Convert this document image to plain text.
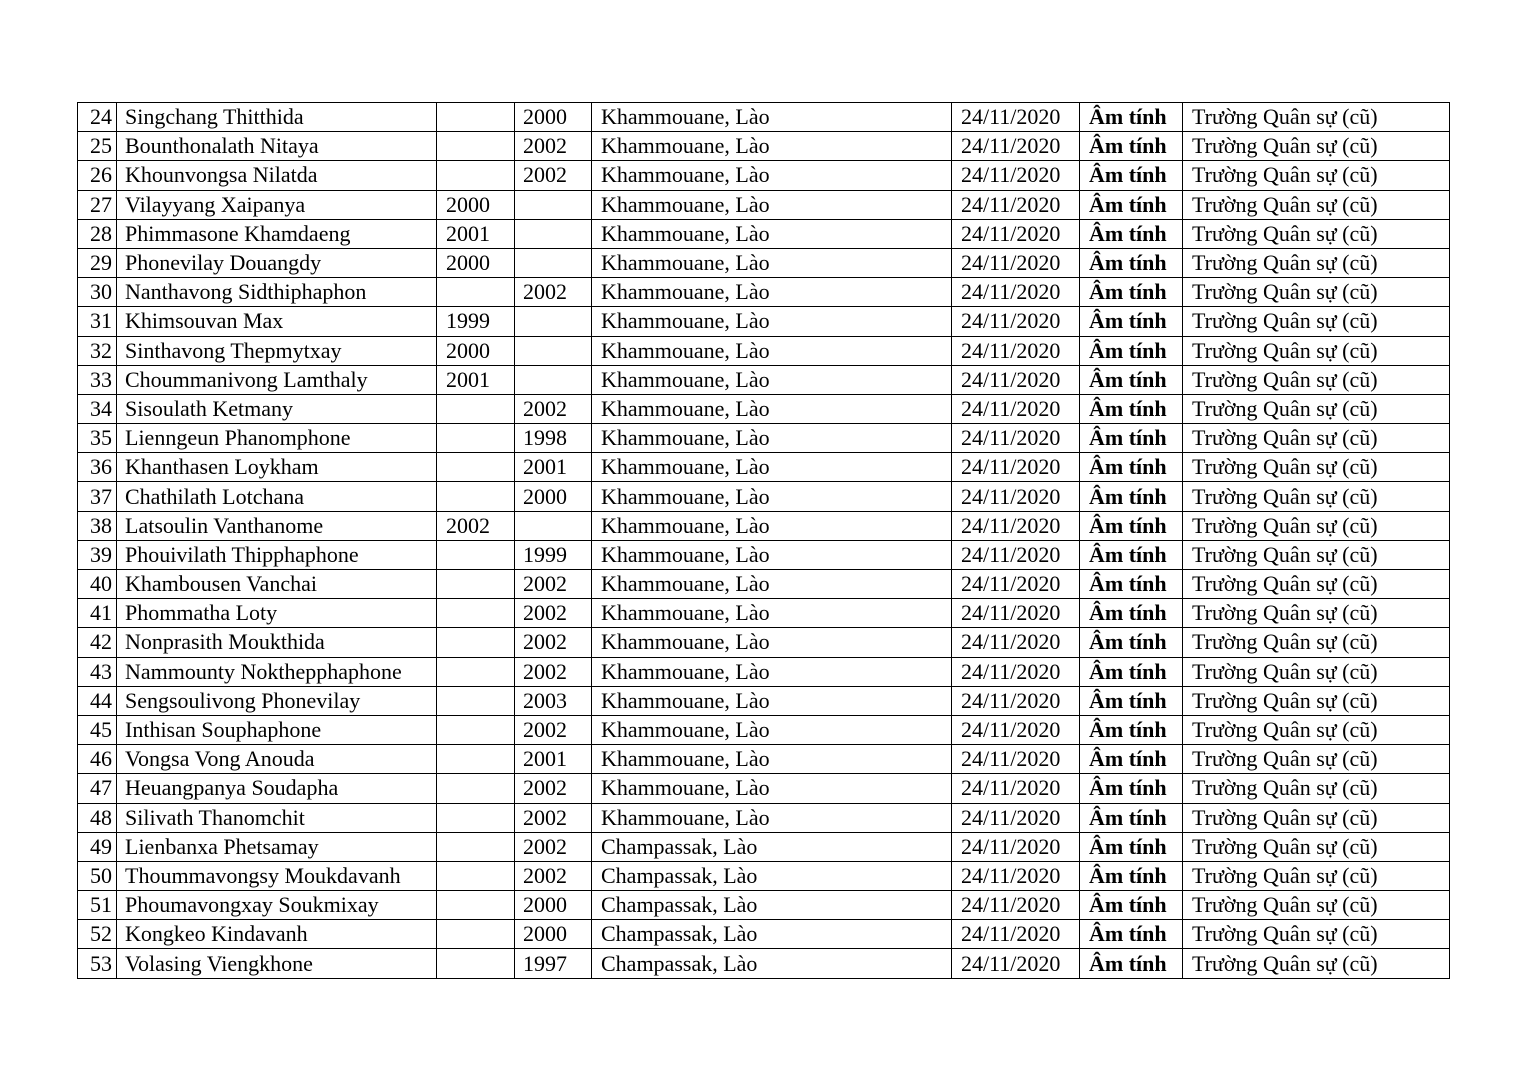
24	Singchang Thitthida		2000	Khammouane, Lào	24/11/2020	Âm tính	Trường Quân sự (cũ)
25	Bounthonalath Nitaya		2002	Khammouane, Lào	24/11/2020	Âm tính	Trường Quân sự (cũ)
26	Khounvongsa Nilatda		2002	Khammouane, Lào	24/11/2020	Âm tính	Trường Quân sự (cũ)
27	Vilayyang Xaipanya	2000		Khammouane, Lào	24/11/2020	Âm tính	Trường Quân sự (cũ)
28	Phimmasone Khamdaeng	2001		Khammouane, Lào	24/11/2020	Âm tính	Trường Quân sự (cũ)
29	Phonevilay Douangdy	2000		Khammouane, Lào	24/11/2020	Âm tính	Trường Quân sự (cũ)
30	Nanthavong Sidthiphaphon		2002	Khammouane, Lào	24/11/2020	Âm tính	Trường Quân sự (cũ)
31	Khimsouvan Max	1999		Khammouane, Lào	24/11/2020	Âm tính	Trường Quân sự (cũ)
32	Sinthavong Thepmytxay	2000		Khammouane, Lào	24/11/2020	Âm tính	Trường Quân sự (cũ)
33	Choummanivong Lamthaly	2001		Khammouane, Lào	24/11/2020	Âm tính	Trường Quân sự (cũ)
34	Sisoulath Ketmany		2002	Khammouane, Lào	24/11/2020	Âm tính	Trường Quân sự (cũ)
35	Lienngeun Phanomphone		1998	Khammouane, Lào	24/11/2020	Âm tính	Trường Quân sự (cũ)
36	Khanthasen Loykham		2001	Khammouane, Lào	24/11/2020	Âm tính	Trường Quân sự (cũ)
37	Chathilath Lotchana		2000	Khammouane, Lào	24/11/2020	Âm tính	Trường Quân sự (cũ)
38	Latsoulin Vanthanome	2002		Khammouane, Lào	24/11/2020	Âm tính	Trường Quân sự (cũ)
39	Phouivilath Thipphaphone		1999	Khammouane, Lào	24/11/2020	Âm tính	Trường Quân sự (cũ)
40	Khambousen Vanchai		2002	Khammouane, Lào	24/11/2020	Âm tính	Trường Quân sự (cũ)
41	Phommatha Loty		2002	Khammouane, Lào	24/11/2020	Âm tính	Trường Quân sự (cũ)
42	Nonprasith Moukthida		2002	Khammouane, Lào	24/11/2020	Âm tính	Trường Quân sự (cũ)
43	Nammounty Nokthepphaphone		2002	Khammouane, Lào	24/11/2020	Âm tính	Trường Quân sự (cũ)
44	Sengsoulivong Phonevilay		2003	Khammouane, Lào	24/11/2020	Âm tính	Trường Quân sự (cũ)
45	Inthisan Souphaphone		2002	Khammouane, Lào	24/11/2020	Âm tính	Trường Quân sự (cũ)
46	Vongsa Vong Anouda		2001	Khammouane, Lào	24/11/2020	Âm tính	Trường Quân sự (cũ)
47	Heuangpanya Soudapha		2002	Khammouane, Lào	24/11/2020	Âm tính	Trường Quân sự (cũ)
48	Silivath Thanomchit		2002	Khammouane, Lào	24/11/2020	Âm tính	Trường Quân sự (cũ)
49	Lienbanxa Phetsamay		2002	Champassak, Lào	24/11/2020	Âm tính	Trường Quân sự (cũ)
50	Thoummavongsy Moukdavanh		2002	Champassak, Lào	24/11/2020	Âm tính	Trường Quân sự (cũ)
51	Phoumavongxay Soukmixay		2000	Champassak, Lào	24/11/2020	Âm tính	Trường Quân sự (cũ)
52	Kongkeo Kindavanh		2000	Champassak, Lào	24/11/2020	Âm tính	Trường Quân sự (cũ)
53	Volasing Viengkhone		1997	Champassak, Lào	24/11/2020	Âm tính	Trường Quân sự (cũ)
